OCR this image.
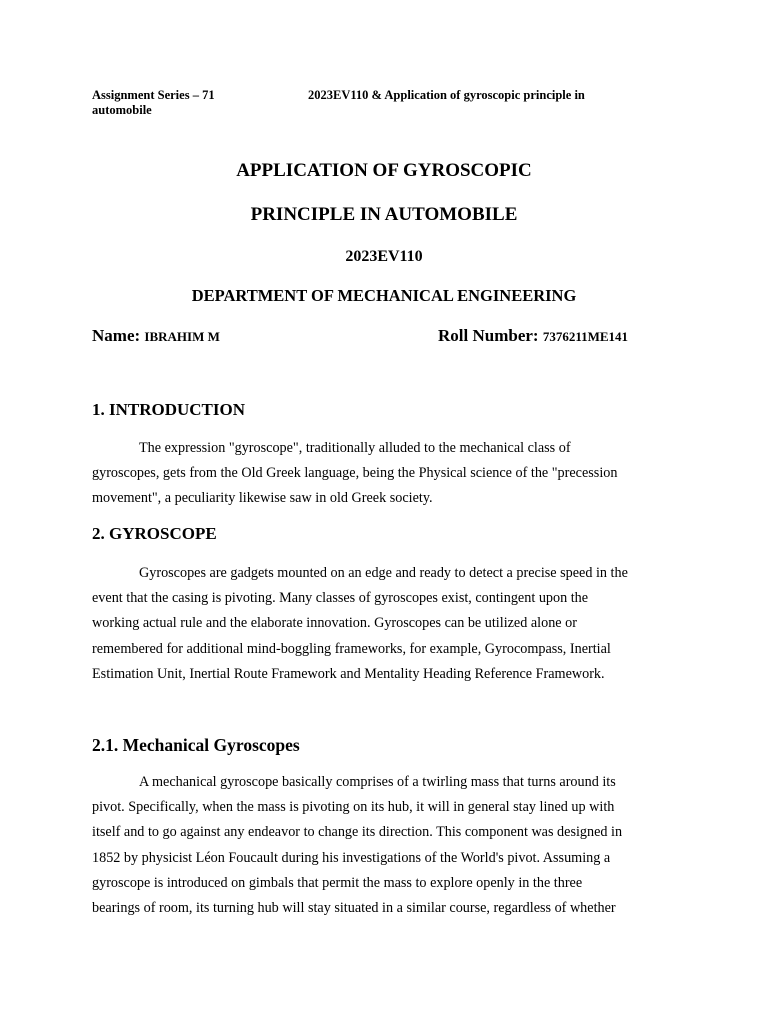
Assignment Series – 71	2023EV110 & Application of gyroscopic principle in
automobile
APPLICATION OF GYROSCOPIC
PRINCIPLE IN AUTOMOBILE
2023EV110
DEPARTMENT OF MECHANICAL ENGINEERING
Name: IBRAHIM M	Roll Number: 7376211ME141
1. INTRODUCTION
The expression "gyroscope", traditionally alluded to the mechanical class of
gyroscopes, gets from the Old Greek language, being the Physical science of the "precession
movement", a peculiarity likewise saw in old Greek society.
2. GYROSCOPE
Gyroscopes are gadgets mounted on an edge and ready to detect a precise speed in the
event that the casing is pivoting. Many classes of gyroscopes exist, contingent upon the
working actual rule and the elaborate innovation. Gyroscopes can be utilized alone or
remembered for additional mind-boggling frameworks, for example, Gyrocompass, Inertial
Estimation Unit, Inertial Route Framework and Mentality Heading Reference Framework.
2.1. Mechanical Gyroscopes
A mechanical gyroscope basically comprises of a twirling mass that turns around its
pivot. Specifically, when the mass is pivoting on its hub, it will in general stay lined up with
itself and to go against any endeavor to change its direction. This component was designed in
1852 by physicist Léon Foucault during his investigations of the World's pivot. Assuming a
gyroscope is introduced on gimbals that permit the mass to explore openly in the three
bearings of room, its turning hub will stay situated in a similar course, regardless of whether
